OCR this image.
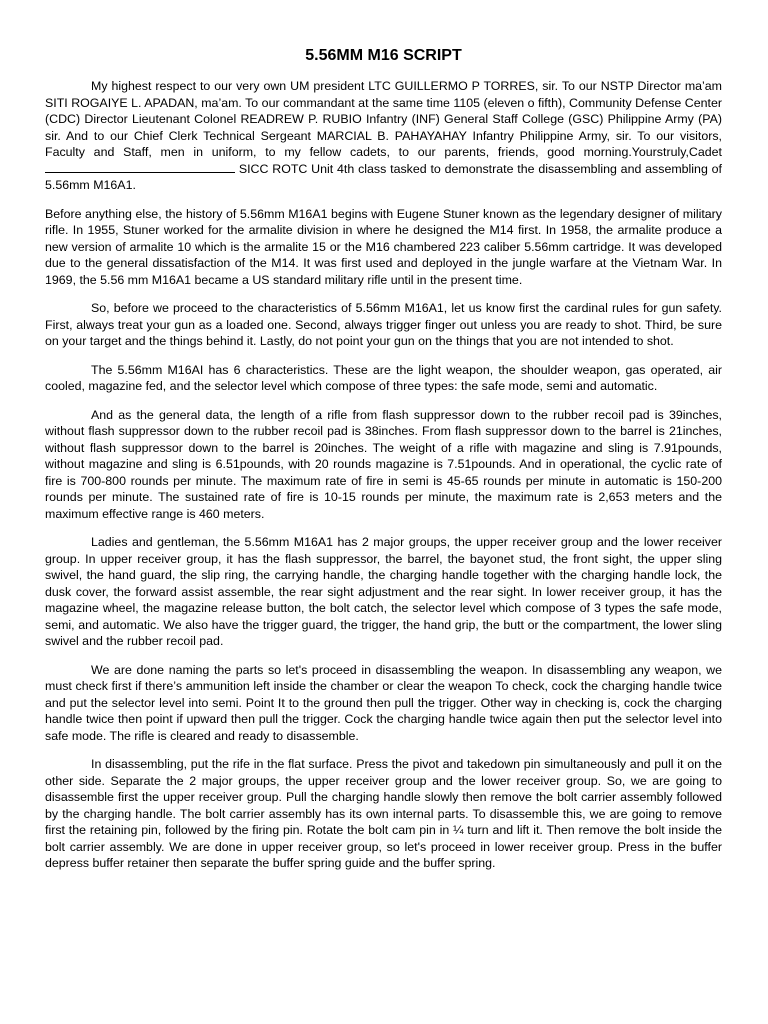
5.56MM M16 SCRIPT

My highest respect to our very own UM president LTC GUILLERMO P TORRES, sir. To our NSTP Director ma’am SITI ROGAIYE L. APADAN, ma’am. To our commandant at the same time 1105 (eleven o fifth), Community Defense Center (CDC) Director Lieutenant Colonel READREW P. RUBIO Infantry (INF) General Staff College (GSC) Philippine Army (PA) sir. And to our Chief Clerk Technical Sergeant MARCIAL B. PAHAYAHAY Infantry Philippine Army, sir. To our visitors, Faculty and Staff, men in uniform, to my fellow cadets, to our parents, friends, good morning.Yourstruly,Cadet  SICC ROTC Unit 4th class tasked to demonstrate the disassembling and assembling of 5.56mm M16A1.

Before anything else, the history of 5.56mm M16A1 begins with Eugene Stuner known as the legendary designer of military rifle. In 1955, Stuner worked for the armalite division in where he designed the M14 first. In 1958, the armalite produce a new version of armalite 10 which is the armalite 15 or the M16 chambered 223 caliber 5.56mm cartridge. It was developed due to the general dissatisfaction of the M14. It was first used and deployed in the jungle warfare at the Vietnam War. In 1969, the 5.56 mm M16A1 became a US standard military rifle until in the present time.

So, before we proceed to the characteristics of 5.56mm M16A1, let us know first the cardinal rules for gun safety. First, always treat your gun as a loaded one. Second, always trigger finger out unless you are ready to shot. Third, be sure on your target and the things behind it. Lastly, do not point your gun on the things that you are not intended to shot.

The 5.56mm M16AI has 6 characteristics. These are the light weapon, the shoulder weapon, gas operated, air cooled, magazine fed, and the selector level which compose of three types: the safe mode, semi and automatic.

And as the general data, the length of a rifle from flash suppressor down to the rubber recoil pad is 39inches, without flash suppressor down to the rubber recoil pad is 38inches. From flash suppressor down to the barrel is 21inches, without flash suppressor down to the barrel is 20inches. The weight of a rifle with magazine and sling is 7.91pounds, without magazine and sling is 6.51pounds, with 20 rounds magazine is 7.51pounds. And in operational, the cyclic rate of fire is 700-800 rounds per minute. The maximum rate of fire in semi is 45-65 rounds per minute in automatic is 150-200 rounds per minute. The sustained rate of fire is 10-15 rounds per minute, the maximum rate is 2,653 meters and the maximum effective range is 460 meters.

Ladies and gentleman, the 5.56mm M16A1 has 2 major groups, the upper receiver group and the lower receiver group. In upper receiver group, it has the flash suppressor, the barrel, the bayonet stud, the front sight, the upper sling swivel, the hand guard, the slip ring, the carrying handle, the charging handle together with the charging handle lock, the dusk cover, the forward assist assemble, the rear sight adjustment and the rear sight. In lower receiver group, it has the magazine wheel, the magazine release button, the bolt catch, the selector level which compose of 3 types the safe mode, semi, and automatic. We also have the trigger guard, the trigger, the hand grip, the butt or the compartment, the lower sling swivel and the rubber recoil pad.

We are done naming the parts so let's proceed in disassembling the weapon. In disassembling any weapon, we must check first if there’s ammunition left inside the chamber or clear the weapon To check, cock the charging handle twice and put the selector level into semi. Point It to the ground then pull the trigger. Other way in checking is, cock the charging handle twice then point if upward then pull the trigger. Cock the charging handle twice again then put the selector level into safe mode. The rifle is cleared and ready to disassemble.

In disassembling, put the rife in the flat surface. Press the pivot and takedown pin simultaneously and pull it on the other side. Separate the 2 major groups, the upper receiver group and the lower receiver group. So, we are going to disassemble first the upper receiver group. Pull the charging handle slowly then remove the bolt carrier assembly followed by the charging handle. The bolt carrier assembly has its own internal parts. To disassemble this, we are going to remove first the retaining pin, followed by the firing pin. Rotate the bolt cam pin in ¼ turn and lift it. Then remove the bolt inside the bolt carrier assembly. We are done in upper receiver group, so let's proceed in lower receiver group. Press in the buffer depress buffer retainer then separate the buffer spring guide and the buffer spring.
